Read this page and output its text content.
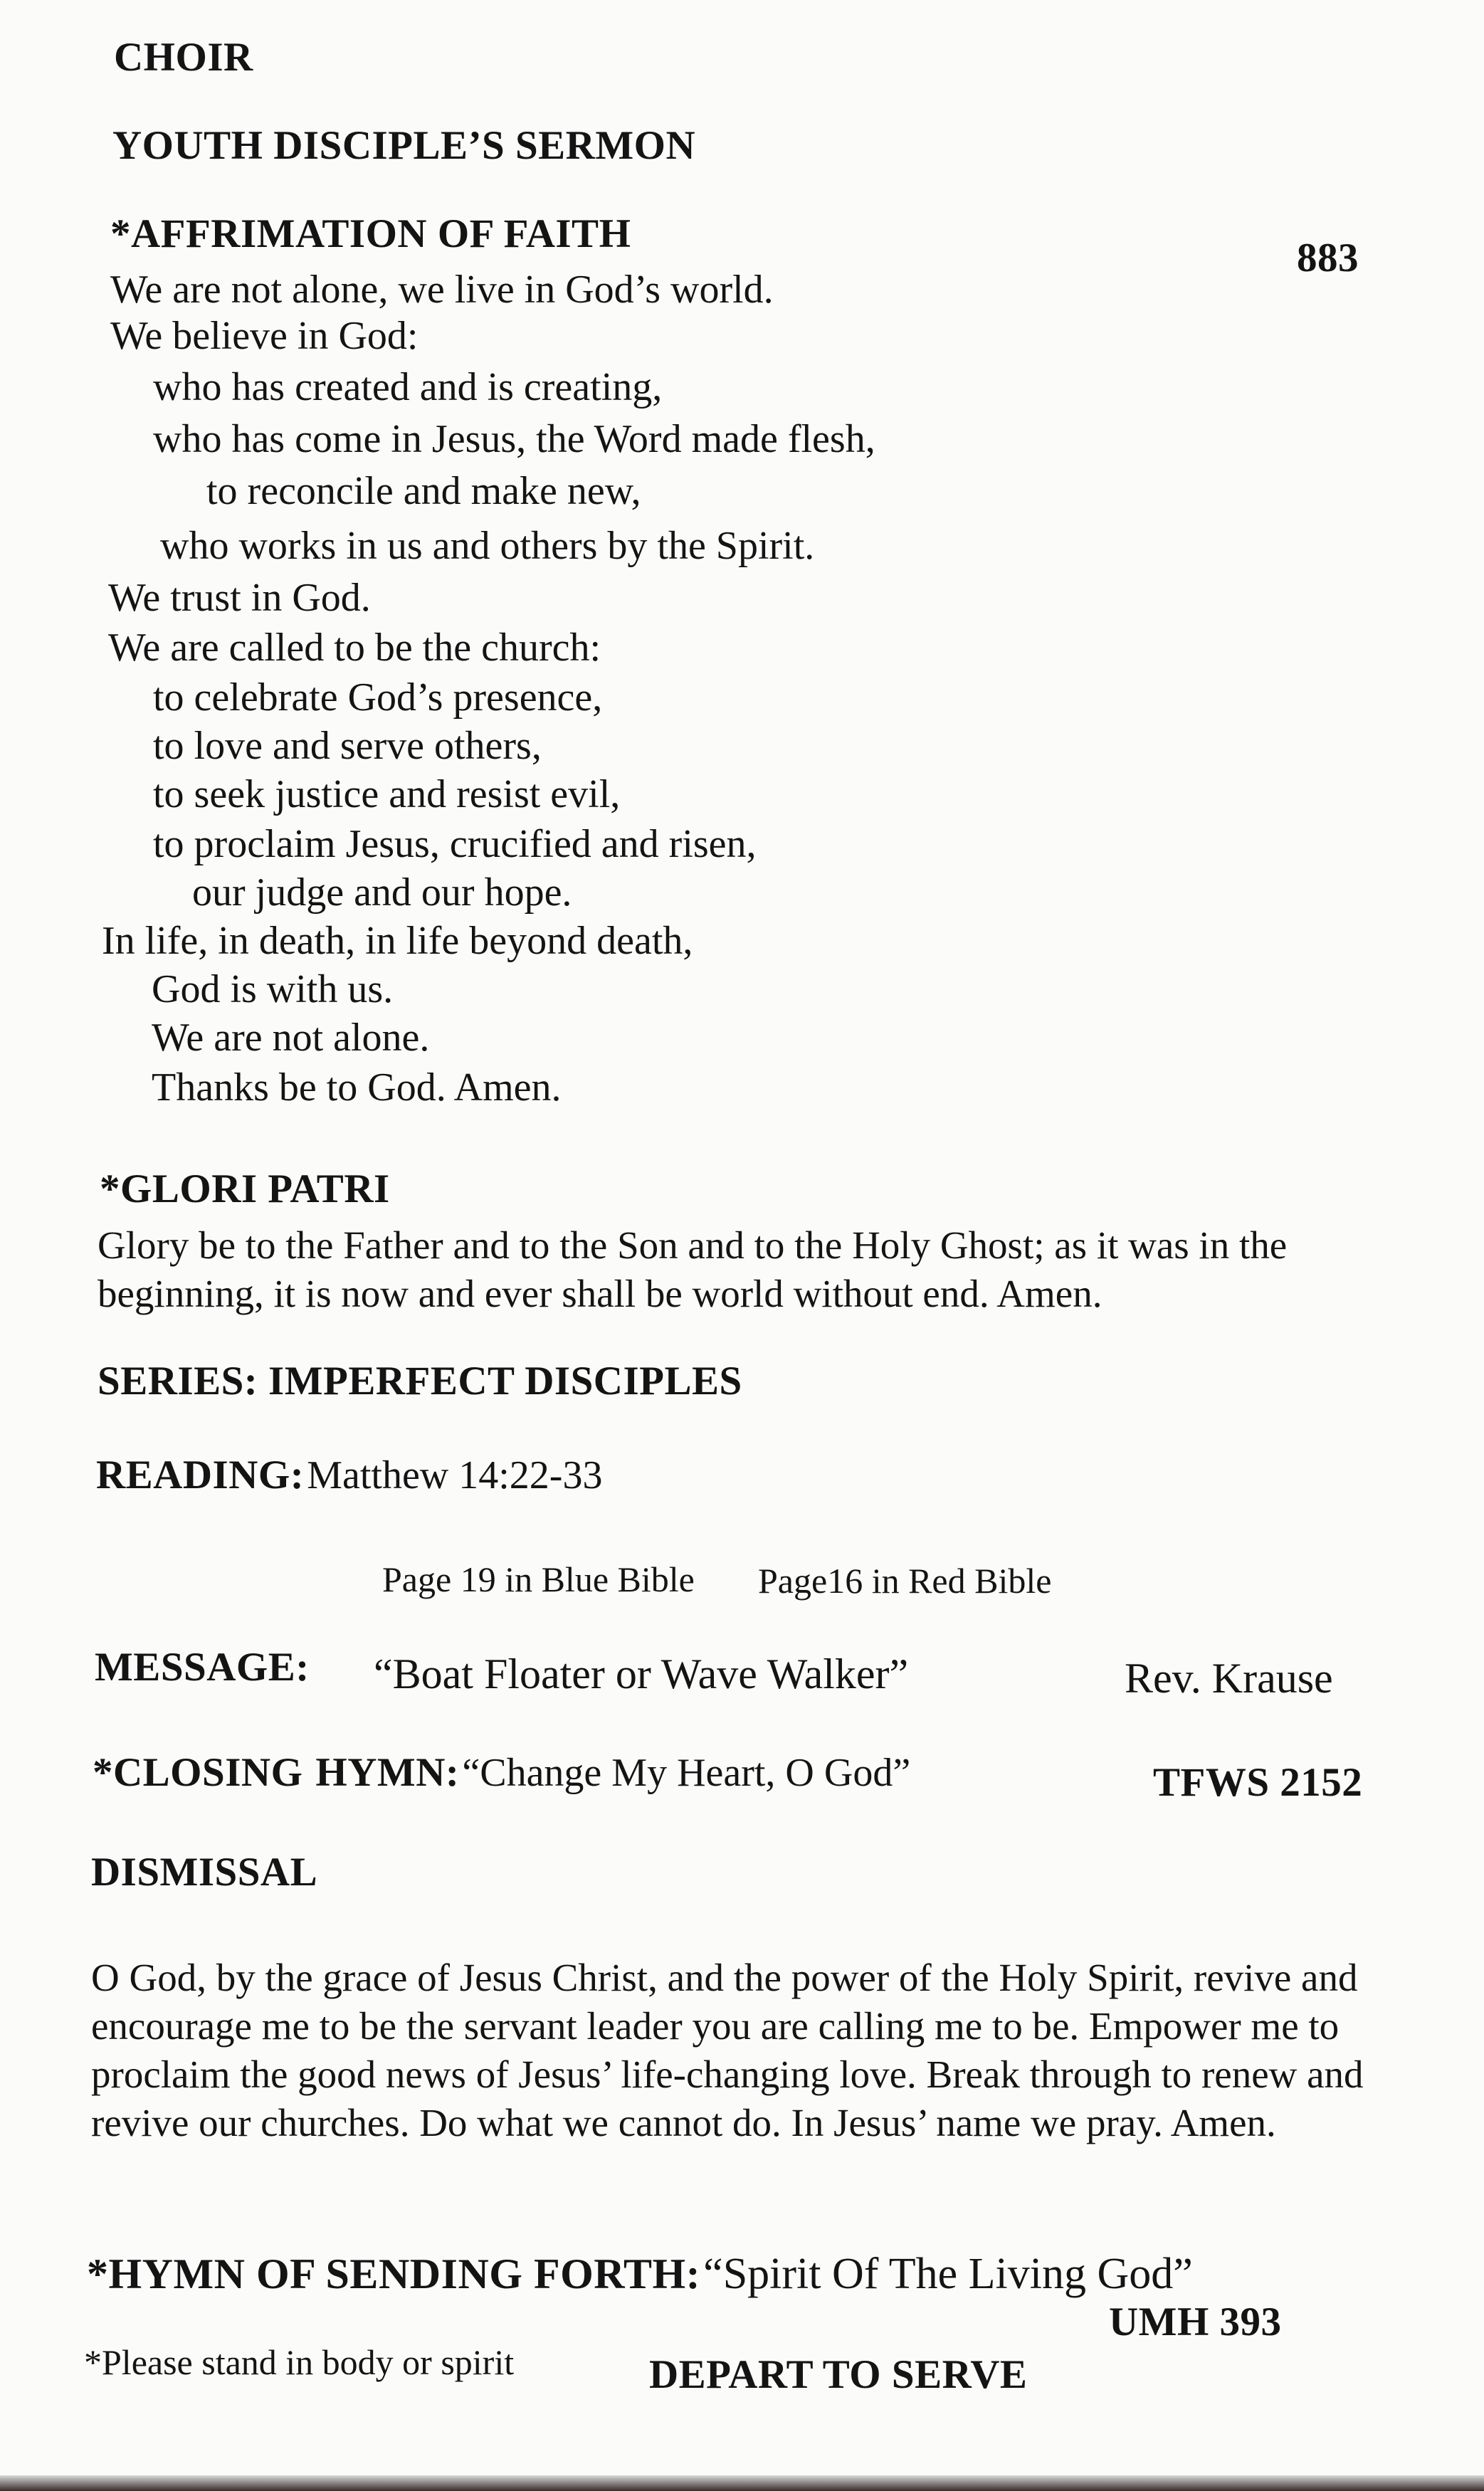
CHOIR
YOUTH DISCIPLE’S SERMON
*AFFRIMATION OF FAITH
883
We are not alone, we live in God’s world.
We believe in God:
who has created and is creating,
who has come in Jesus, the Word made flesh,
to reconcile and make new,
who works in us and others by the Spirit.
We trust in God.
We are called to be the church:
to celebrate God’s presence,
to love and serve others,
to seek justice and resist evil,
to proclaim Jesus, crucified and risen,
our judge and our hope.
In life, in death, in life beyond death,
God is with us.
We are not alone.
Thanks be to God. Amen.
*GLORI PATRI
Glory be to the Father and to the Son and to the Holy Ghost; as it was in the beginning, it is now and ever shall be world without end. Amen.
SERIES: IMPERFECT DISCIPLES
READING: Matthew 14:22-33
Page 19 in Blue Bible Page16 in Red Bible
MESSAGE: “Boat Floater or Wave Walker”	Rev. Krause
*CLOSING HYMN: “Change My Heart, O God”	TFWS 2152
DISMISSAL
O God, by the grace of Jesus Christ, and the power of the Holy Spirit, revive and encourage me to be the servant leader you are calling me to be. Empower me to proclaim the good news of Jesus’ life-changing love. Break through to renew and revive our churches. Do what we cannot do. In Jesus’ name we pray. Amen.
*HYMN OF SENDING FORTH: “Spirit Of The Living God”
UMH 393
*Please stand in body or spirit	DEPART TO SERVE
